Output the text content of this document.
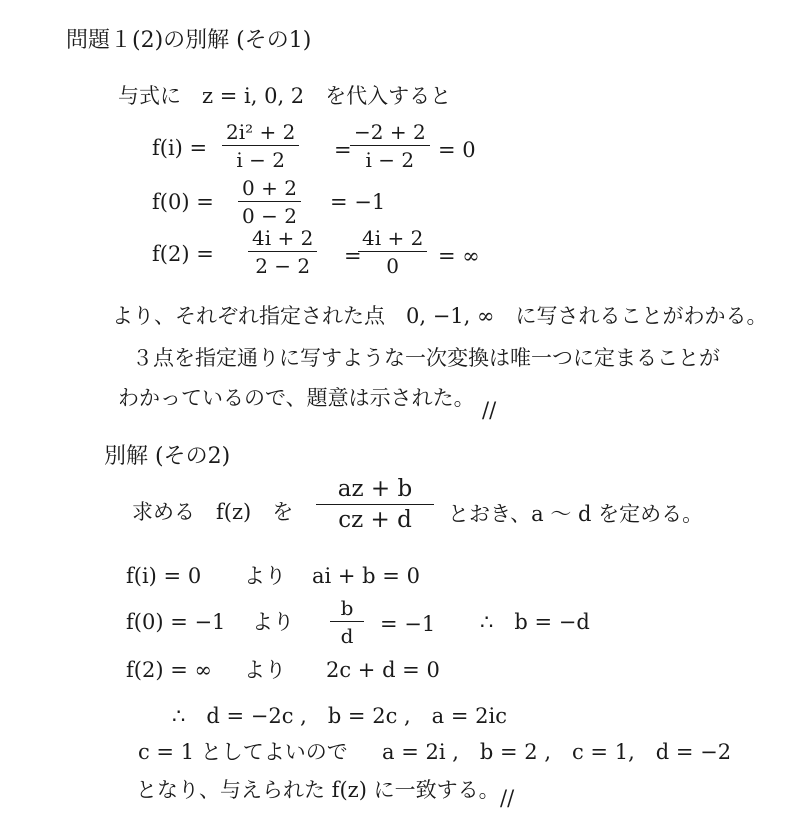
問題１(2)の別解 (その1)
与式に　z = i, 0, 2　を代入すると
f(i) =
2i² + 2
i − 2 =
−2 + 2
i − 2 = 0
f(0) =
0 + 2
0 − 2
= −1
f(2) =
4i + 2
2 − 2 =
4i + 2
0 = ∞
より、それぞれ指定された点　0, −1, ∞　に写されることがわかる。
３点を指定通りに写すような一次変換は唯一つに定まることが
わかっているので、題意は示された。 //
別解 (その2)
求める　f(z)　を
az + b
cz + d とおき、a 〜 d を定める。
f(i) = 0 より ai + b = 0
f(0) = −1 より
b
d = −1 ∴　b = −d
f(2) = ∞ より 2c + d = 0
∴　d = −2c ,　b = 2c ,　a = 2ic
c = 1 としてよいので a = 2i ,　b = 2 ,　c = 1,　d = −2
となり、与えられた f(z) に一致する。 //
